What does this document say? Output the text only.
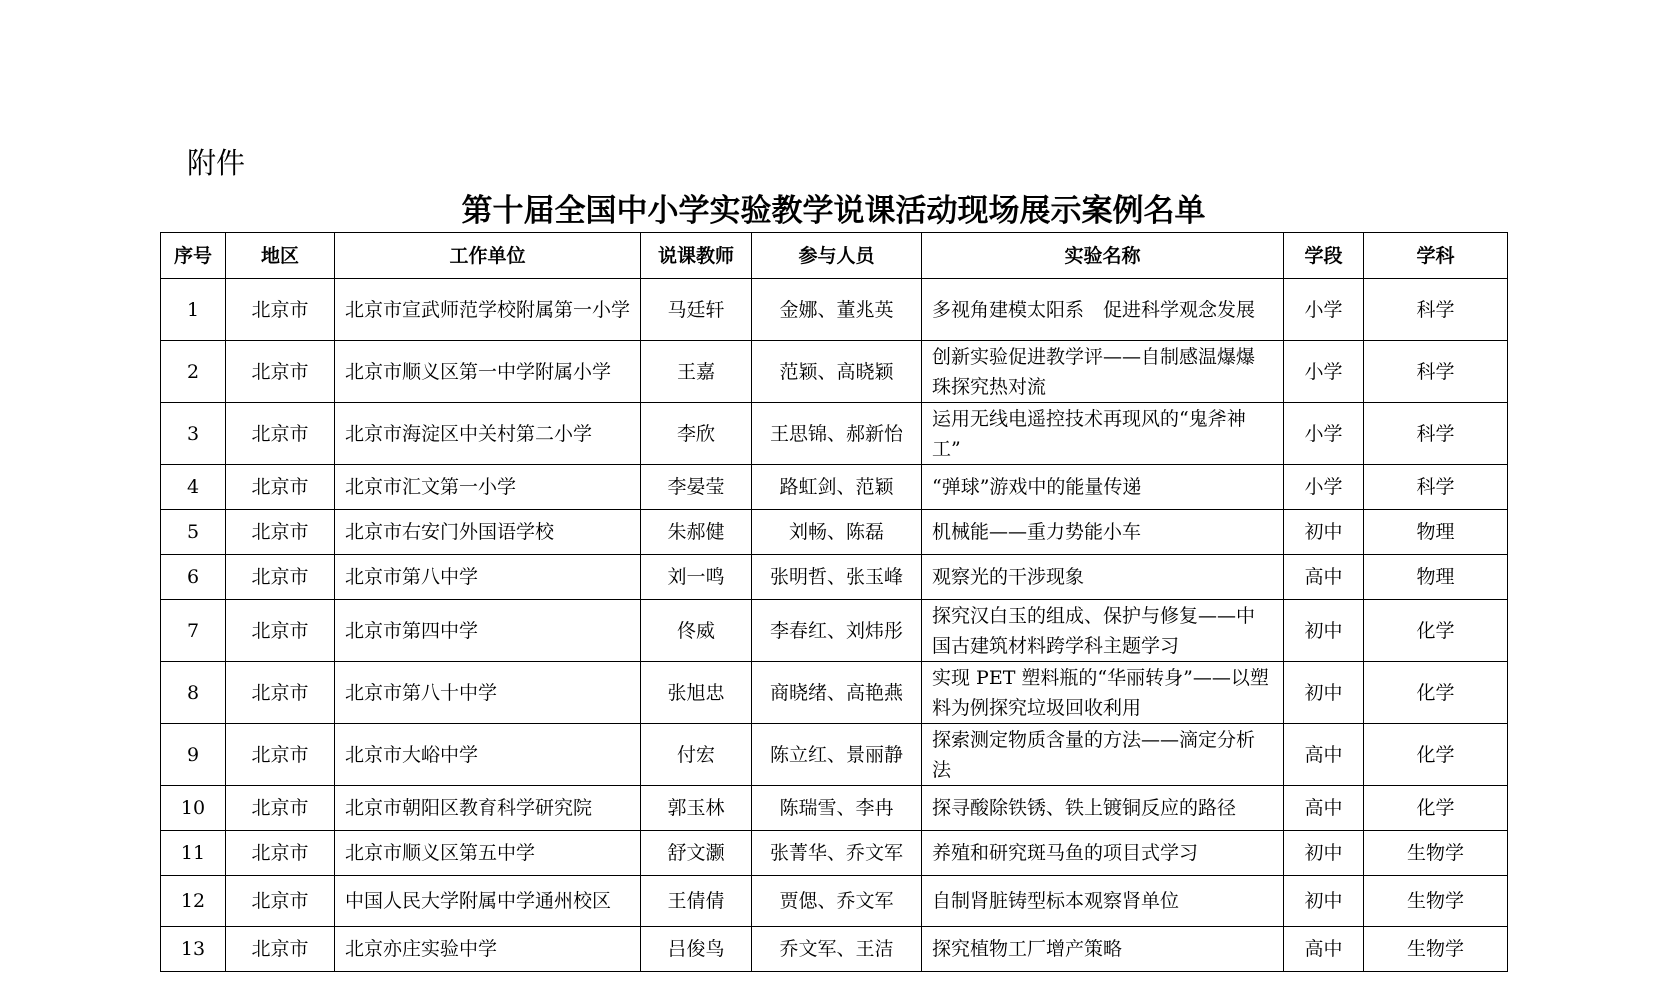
附件
第十届全国中小学实验教学说课活动现场展示案例名单
序号	地区	工作单位	说课教师	参与人员	实验名称	学段	学科
1	北京市	北京市宣武师范学校附属第一小学	马廷轩	金娜、董兆英	多视角建模太阳系　促进科学观念发展	小学	科学
2	北京市	北京市顺义区第一中学附属小学	王嘉	范颖、高晓颖	创新实验促进教学评——自制感温爆爆珠探究热对流	小学	科学
3	北京市	北京市海淀区中关村第二小学	李欣	王思锦、郝新怡	运用无线电遥控技术再现风的“鬼斧神工”	小学	科学
4	北京市	北京市汇文第一小学	李晏莹	路虹剑、范颖	“弹球”游戏中的能量传递	小学	科学
5	北京市	北京市右安门外国语学校	朱郝健	刘畅、陈磊	机械能——重力势能小车	初中	物理
6	北京市	北京市第八中学	刘一鸣	张明哲、张玉峰	观察光的干涉现象	高中	物理
7	北京市	北京市第四中学	佟威	李春红、刘炜彤	探究汉白玉的组成、保护与修复——中国古建筑材料跨学科主题学习	初中	化学
8	北京市	北京市第八十中学	张旭忠	商晓绪、高艳燕	实现 PET 塑料瓶的“华丽转身”——以塑料为例探究垃圾回收利用	初中	化学
9	北京市	北京市大峪中学	付宏	陈立红、景丽静	探索测定物质含量的方法——滴定分析法	高中	化学
10	北京市	北京市朝阳区教育科学研究院	郭玉林	陈瑞雪、李冉	探寻酸除铁锈、铁上镀铜反应的路径	高中	化学
11	北京市	北京市顺义区第五中学	舒文灏	张菁华、乔文军	养殖和研究斑马鱼的项目式学习	初中	生物学
12	北京市	中国人民大学附属中学通州校区	王倩倩	贾偲、乔文军	自制肾脏铸型标本观察肾单位	初中	生物学
13	北京市	北京亦庄实验中学	吕俊鸟	乔文军、王洁	探究植物工厂增产策略	高中	生物学
